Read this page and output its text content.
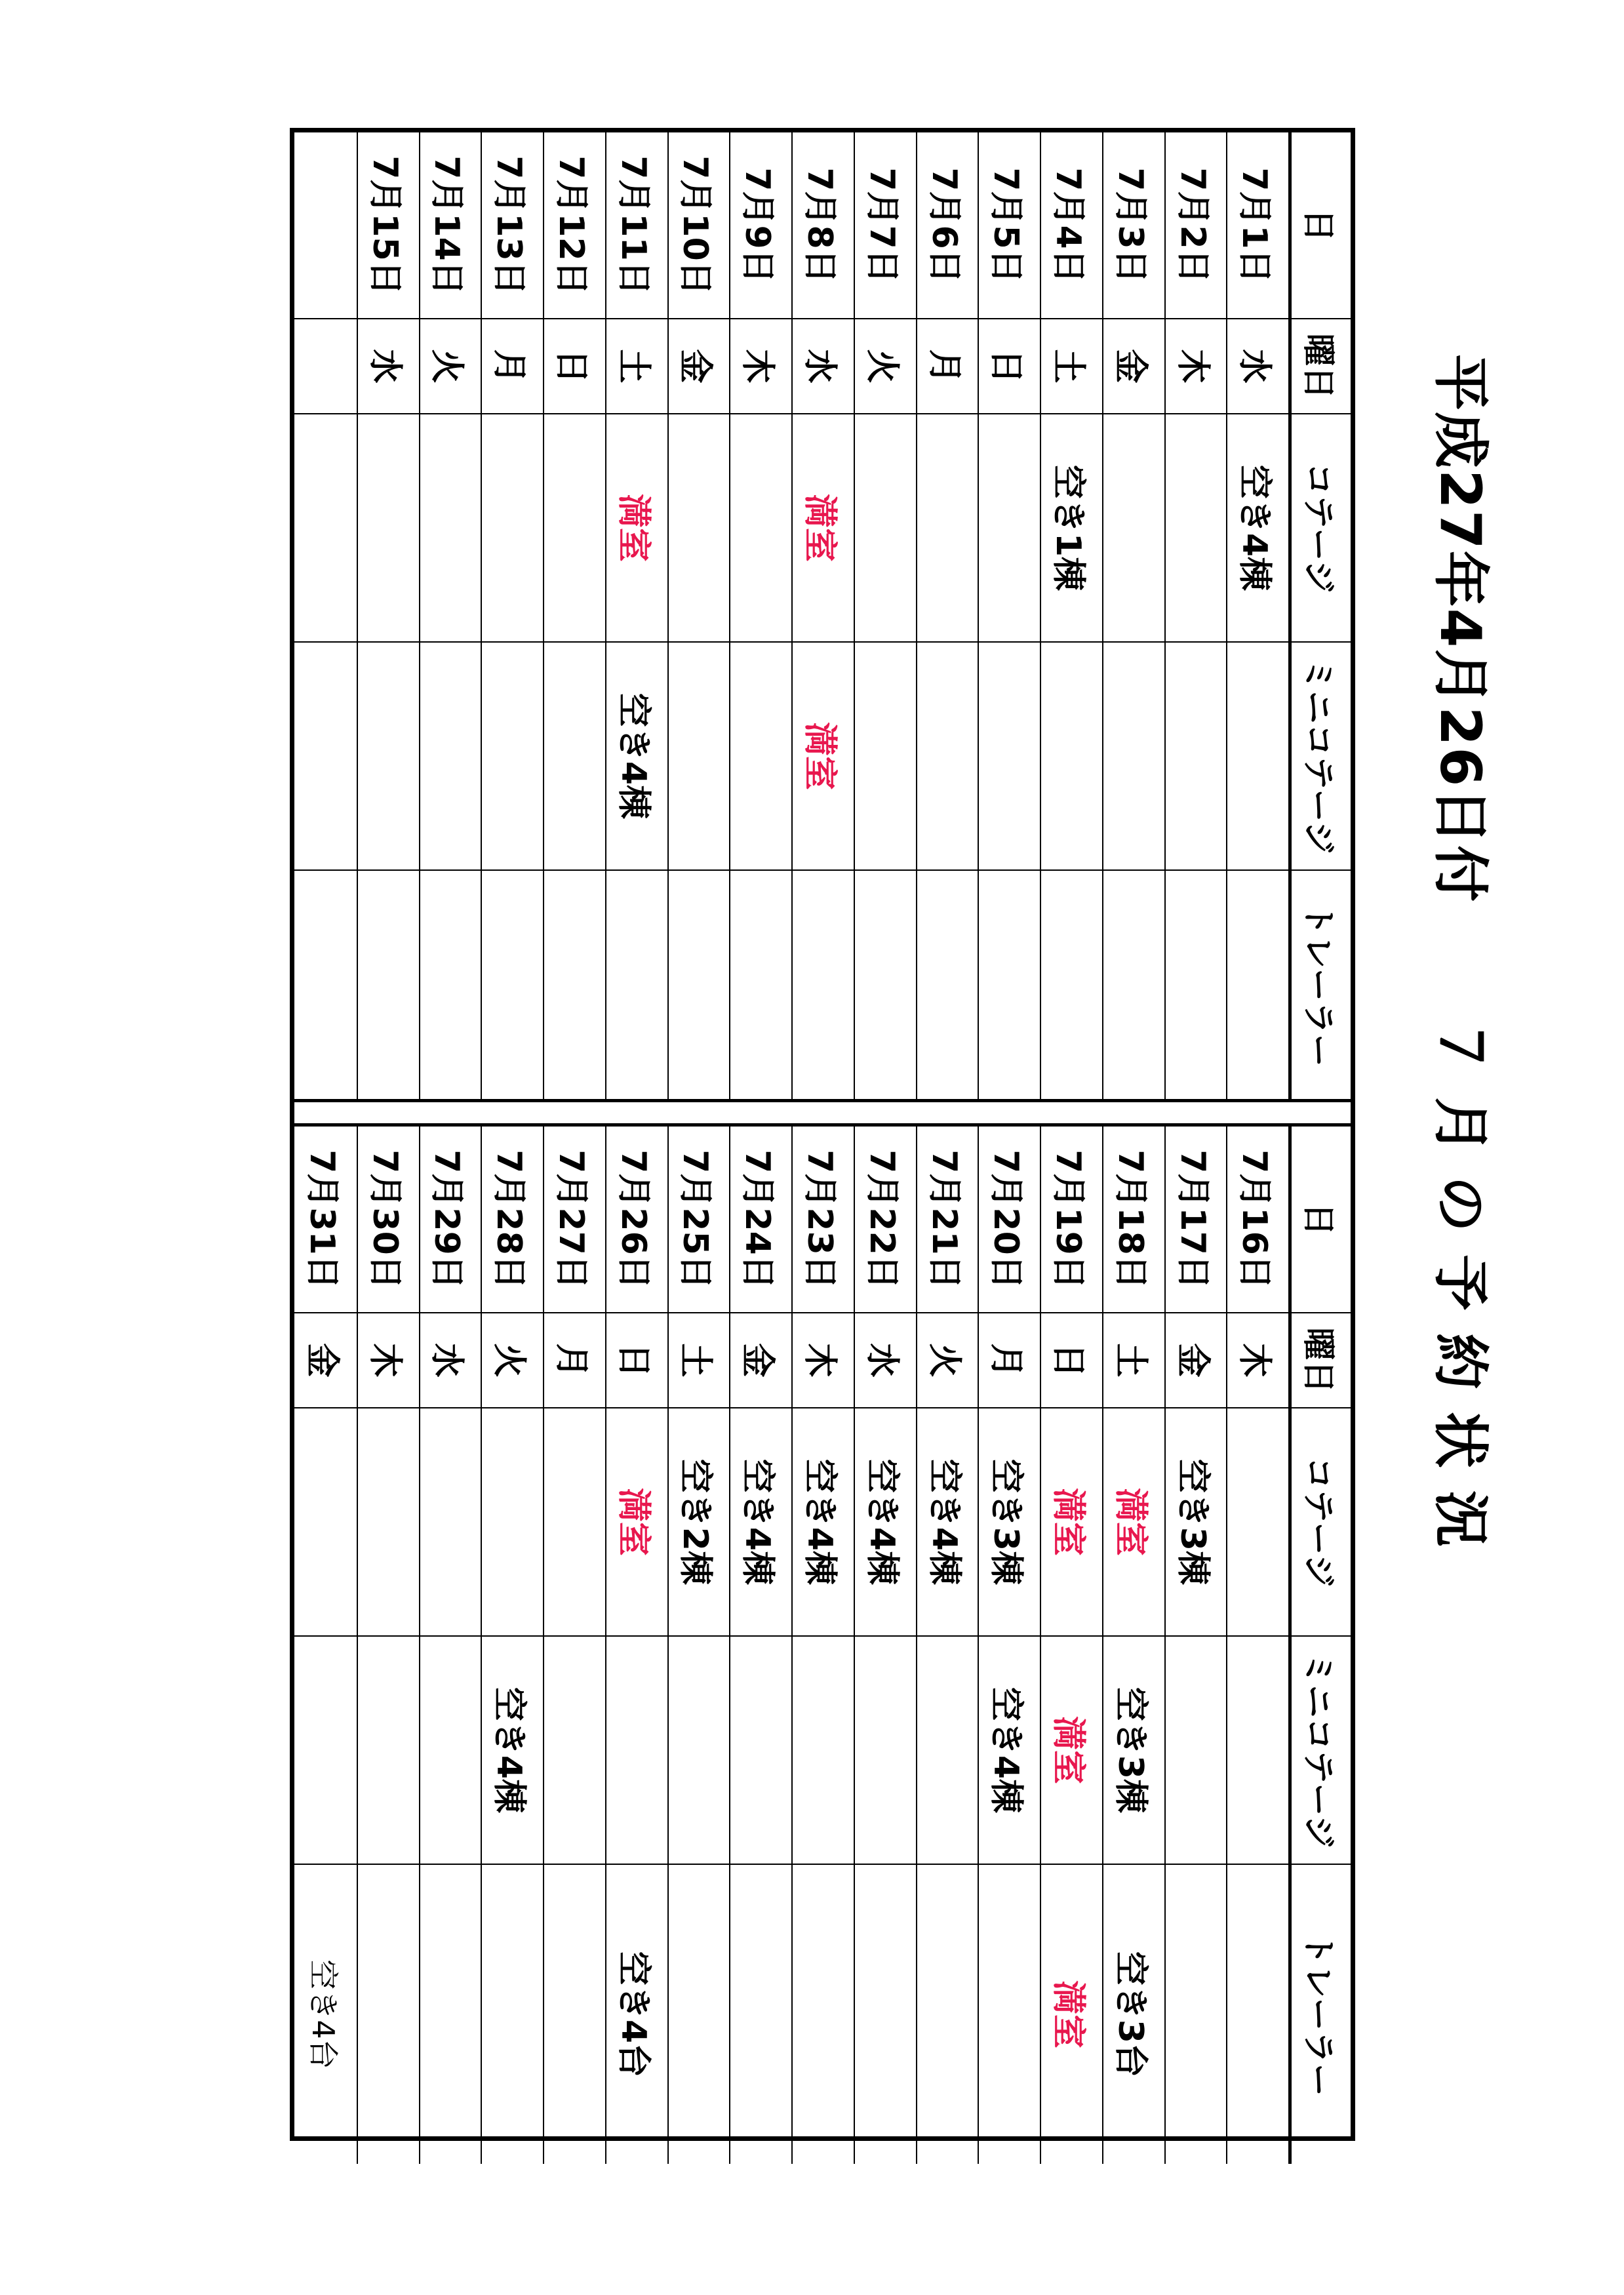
平成27年4月26日付　　７ 月 の 予 約 状 況
日
曜日
コテージ
ミニコテージ
トレーラー
7月1日
水
空き4棟
7月2日
木
7月3日
金
7月4日
土
空き1棟
7月5日
日
7月6日
月
7月7日
火
7月8日
水
満室
満室
7月9日
木
7月10日
金
7月11日
土
満室
空き4棟
7月12日
日
7月13日
月
7月14日
火
7月15日
水
日
曜日
コテージ
ミニコテージ
トレーラー
7月16日
木
7月17日
金
空き3棟
7月18日
土
満室
空き3棟
空き3台
7月19日
日
満室
満室
満室
7月20日
月
空き3棟
空き4棟
7月21日
火
空き4棟
7月22日
水
空き4棟
7月23日
木
空き4棟
7月24日
金
空き4棟
7月25日
土
空き2棟
7月26日
日
満室
空き4台
7月27日
月
7月28日
火
空き4棟
7月29日
水
7月30日
木
7月31日
金
空き4台
